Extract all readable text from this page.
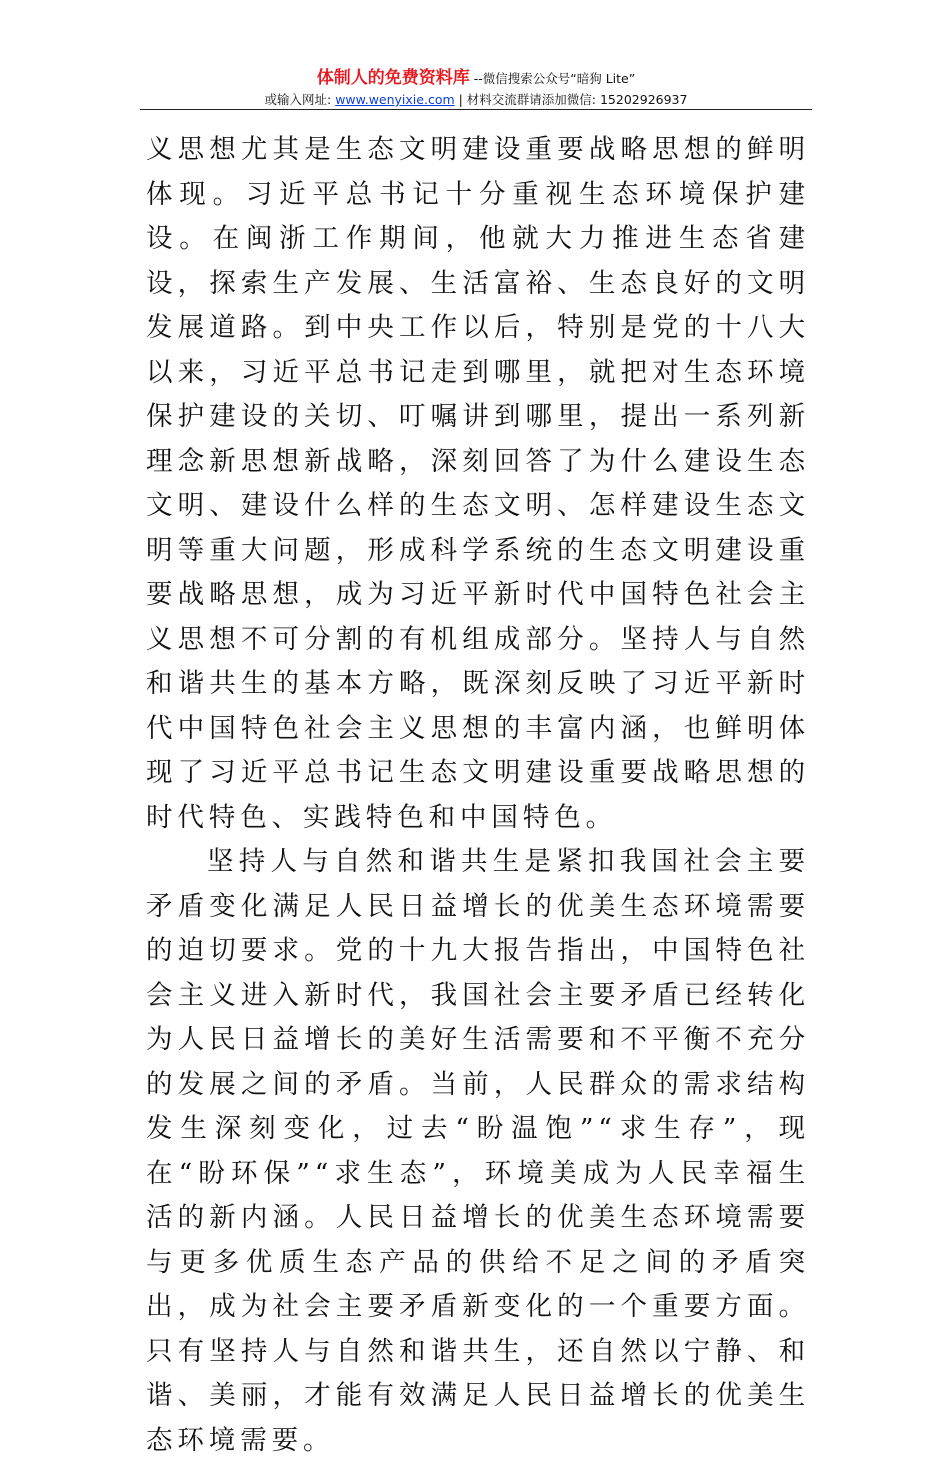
体制人的免费资料库 --微信搜索公众号“暗狗 Lite”
或输入网址: www.wenyixie.com | 材料交流群请添加微信: 15202926937

义思想尤其是生态文明建设重要战略思想的鲜明体现。习近平总书记十分重视生态环境保护建设。在闽浙工作期间，他就大力推进生态省建设，探索生产发展、生活富裕、生态良好的文明发展道路。到中央工作以后，特别是党的十八大以来，习近平总书记走到哪里，就把对生态环境保护建设的关切、叮嘱讲到哪里，提出一系列新理念新思想新战略，深刻回答了为什么建设生态文明、建设什么样的生态文明、怎样建设生态文明等重大问题，形成科学系统的生态文明建设重要战略思想，成为习近平新时代中国特色社会主义思想不可分割的有机组成部分。坚持人与自然和谐共生的基本方略，既深刻反映了习近平新时代中国特色社会主义思想的丰富内涵，也鲜明体现了习近平总书记生态文明建设重要战略思想的时代特色、实践特色和中国特色。

坚持人与自然和谐共生是紧扣我国社会主要矛盾变化满足人民日益增长的优美生态环境需要的迫切要求。党的十九大报告指出，中国特色社会主义进入新时代，我国社会主要矛盾已经转化为人民日益增长的美好生活需要和不平衡不充分的发展之间的矛盾。当前，人民群众的需求结构发生深刻变化，过去“盼温饱”“求生存”，现在“盼环保”“求生态”，环境美成为人民幸福生活的新内涵。人民日益增长的优美生态环境需要与更多优质生态产品的供给不足之间的矛盾突出，成为社会主要矛盾新变化的一个重要方面。只有坚持人与自然和谐共生，还自然以宁静、和谐、美丽，才能有效满足人民日益增长的优美生态环境需要。
